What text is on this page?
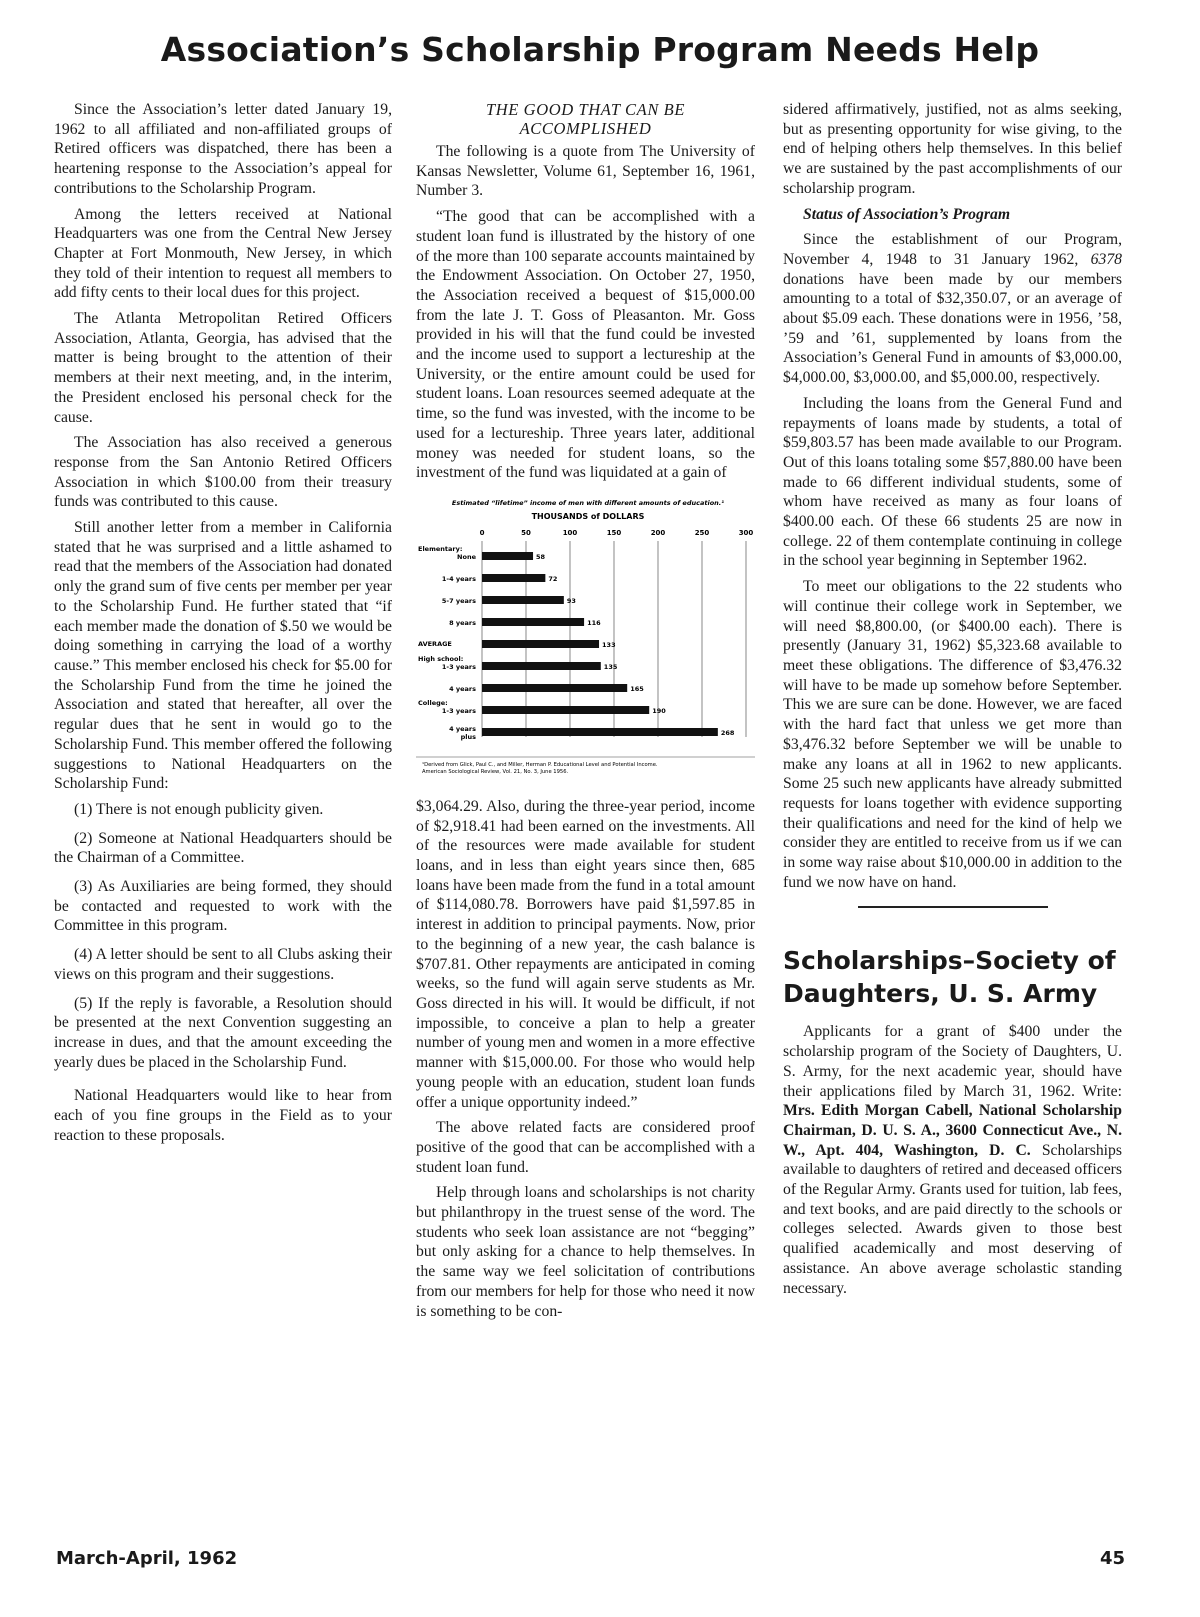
Association’s Scholarship Program Needs Help

Since the Association’s letter dated January 19, 1962 to all affiliated and non-affiliated groups of Retired officers was dispatched, there has been a heartening response to the Association’s appeal for contributions to the Scholarship Program.

Among the letters received at National Headquarters was one from the Central New Jersey Chapter at Fort Monmouth, New Jersey, in which they told of their intention to request all members to add fifty cents to their local dues for this project.

The Atlanta Metropolitan Retired Officers Association, Atlanta, Georgia, has advised that the matter is being brought to the attention of their members at their next meeting, and, in the interim, the President enclosed his personal check for the cause.

The Association has also received a generous response from the San Antonio Retired Officers Association in which $100.00 from their treasury funds was contributed to this cause.

Still another letter from a member in California stated that he was surprised and a little ashamed to read that the members of the Association had donated only the grand sum of five cents per member per year to the Scholarship Fund. He further stated that “if each member made the donation of $.50 we would be doing something in carrying the load of a worthy cause.” This member enclosed his check for $5.00 for the Scholarship Fund from the time he joined the Association and stated that hereafter, all over the regular dues that he sent in would go to the Scholarship Fund. This member offered the following suggestions to National Headquarters on the Scholarship Fund:

(1) There is not enough publicity given.

(2) Someone at National Headquarters should be the Chairman of a Committee.

(3) As Auxiliaries are being formed, they should be contacted and requested to work with the Committee in this program.

(4) A letter should be sent to all Clubs asking their views on this program and their suggestions.

(5) If the reply is favorable, a Resolution should be presented at the next Convention suggesting an increase in dues, and that the amount exceeding the yearly dues be placed in the Scholarship Fund.

National Headquarters would like to hear from each of you fine groups in the Field as to your reaction to these proposals.

THE GOOD THAT CAN BE
ACCOMPLISHED

The following is a quote from The University of Kansas Newsletter, Volume 61, September 16, 1961, Number 3.

“The good that can be accomplished with a student loan fund is illustrated by the history of one of the more than 100 separate accounts maintained by the Endowment Association. On October 27, 1950, the Association received a bequest of $15,000.00 from the late J. T. Goss of Pleasanton. Mr. Goss provided in his will that the fund could be invested and the income used to support a lectureship at the University, or the entire amount could be used for student loans. Loan resources seemed adequate at the time, so the fund was invested, with the income to be used for a lectureship. Three years later, additional money was needed for student loans, so the investment of the fund was liquidated at a gain of

Estimated “lifetime” income of men with different amounts of education.¹
THOUSANDS of DOLLARS
0	50	100	150	200	250	300
58
Elementary:
None
72
1-4 years
93
5-7 years
116
8 years
133
AVERAGE
135
High school:
1-3 years
165
4 years
190
College:
1-3 years
268
4 years
plus
¹Derived from Glick, Paul C., and Miller, Herman P. Educational Level and Potential Income.
American Sociological Review, Vol. 21, No. 3, June 1956.

$3,064.29. Also, during the three-year period, income of $2,918.41 had been earned on the investments. All of the resources were made available for student loans, and in less than eight years since then, 685 loans have been made from the fund in a total amount of $114,080.78. Borrowers have paid $1,597.85 in interest in addition to principal payments. Now, prior to the beginning of a new year, the cash balance is $707.81. Other repayments are anticipated in coming weeks, so the fund will again serve students as Mr. Goss directed in his will. It would be difficult, if not impossible, to conceive a plan to help a greater number of young men and women in a more effective manner with $15,000.00. For those who would help young people with an education, student loan funds offer a unique opportunity indeed.”

The above related facts are considered proof positive of the good that can be accomplished with a student loan fund.

Help through loans and scholarships is not charity but philanthropy in the truest sense of the word. The students who seek loan assistance are not “begging” but only asking for a chance to help themselves. In the same way we feel solicitation of contributions from our members for help for those who need it now is something to be con-

sidered affirmatively, justified, not as alms seeking, but as presenting opportunity for wise giving, to the end of helping others help themselves. In this belief we are sustained by the past accomplishments of our scholarship program.

Status of Association’s Program

Since the establishment of our Program, November 4, 1948 to 31 January 1962, 6378 donations have been made by our members amounting to a total of $32,350.07, or an average of about $5.09 each. These donations were in 1956, ’58, ’59 and ’61, supplemented by loans from the Association’s General Fund in amounts of $3,000.00, $4,000.00, $3,000.00, and $5,000.00, respectively.

Including the loans from the General Fund and repayments of loans made by students, a total of $59,803.57 has been made available to our Program. Out of this loans totaling some $57,880.00 have been made to 66 different individual students, some of whom have received as many as four loans of $400.00 each. Of these 66 students 25 are now in college. 22 of them contemplate continuing in college in the school year beginning in September 1962.

To meet our obligations to the 22 students who will continue their college work in September, we will need $8,800.00, (or $400.00 each). There is presently (January 31, 1962) $5,323.68 available to meet these obligations. The difference of $3,476.32 will have to be made up somehow before September. This we are sure can be done. However, we are faced with the hard fact that unless we get more than $3,476.32 before September we will be unable to make any loans at all in 1962 to new applicants. Some 25 such new applicants have already submitted requests for loans together with evidence supporting their qualifications and need for the kind of help we consider they are entitled to receive from us if we can in some way raise about $10,000.00 in addition to the fund we now have on hand.

Scholarships–Society of Daughters, U. S. Army

Applicants for a grant of $400 under the scholarship program of the Society of Daughters, U. S. Army, for the next academic year, should have their applications filed by March 31, 1962. Write: Mrs. Edith Morgan Cabell, National Scholarship Chairman, D. U. S. A., 3600 Connecticut Ave., N. W., Apt. 404, Washington, D. C. Scholarships available to daughters of retired and deceased officers of the Regular Army. Grants used for tuition, lab fees, and text books, and are paid directly to the schools or colleges selected. Awards given to those best qualified academically and most deserving of assistance. An above average scholastic standing necessary.

March-April, 1962	45
